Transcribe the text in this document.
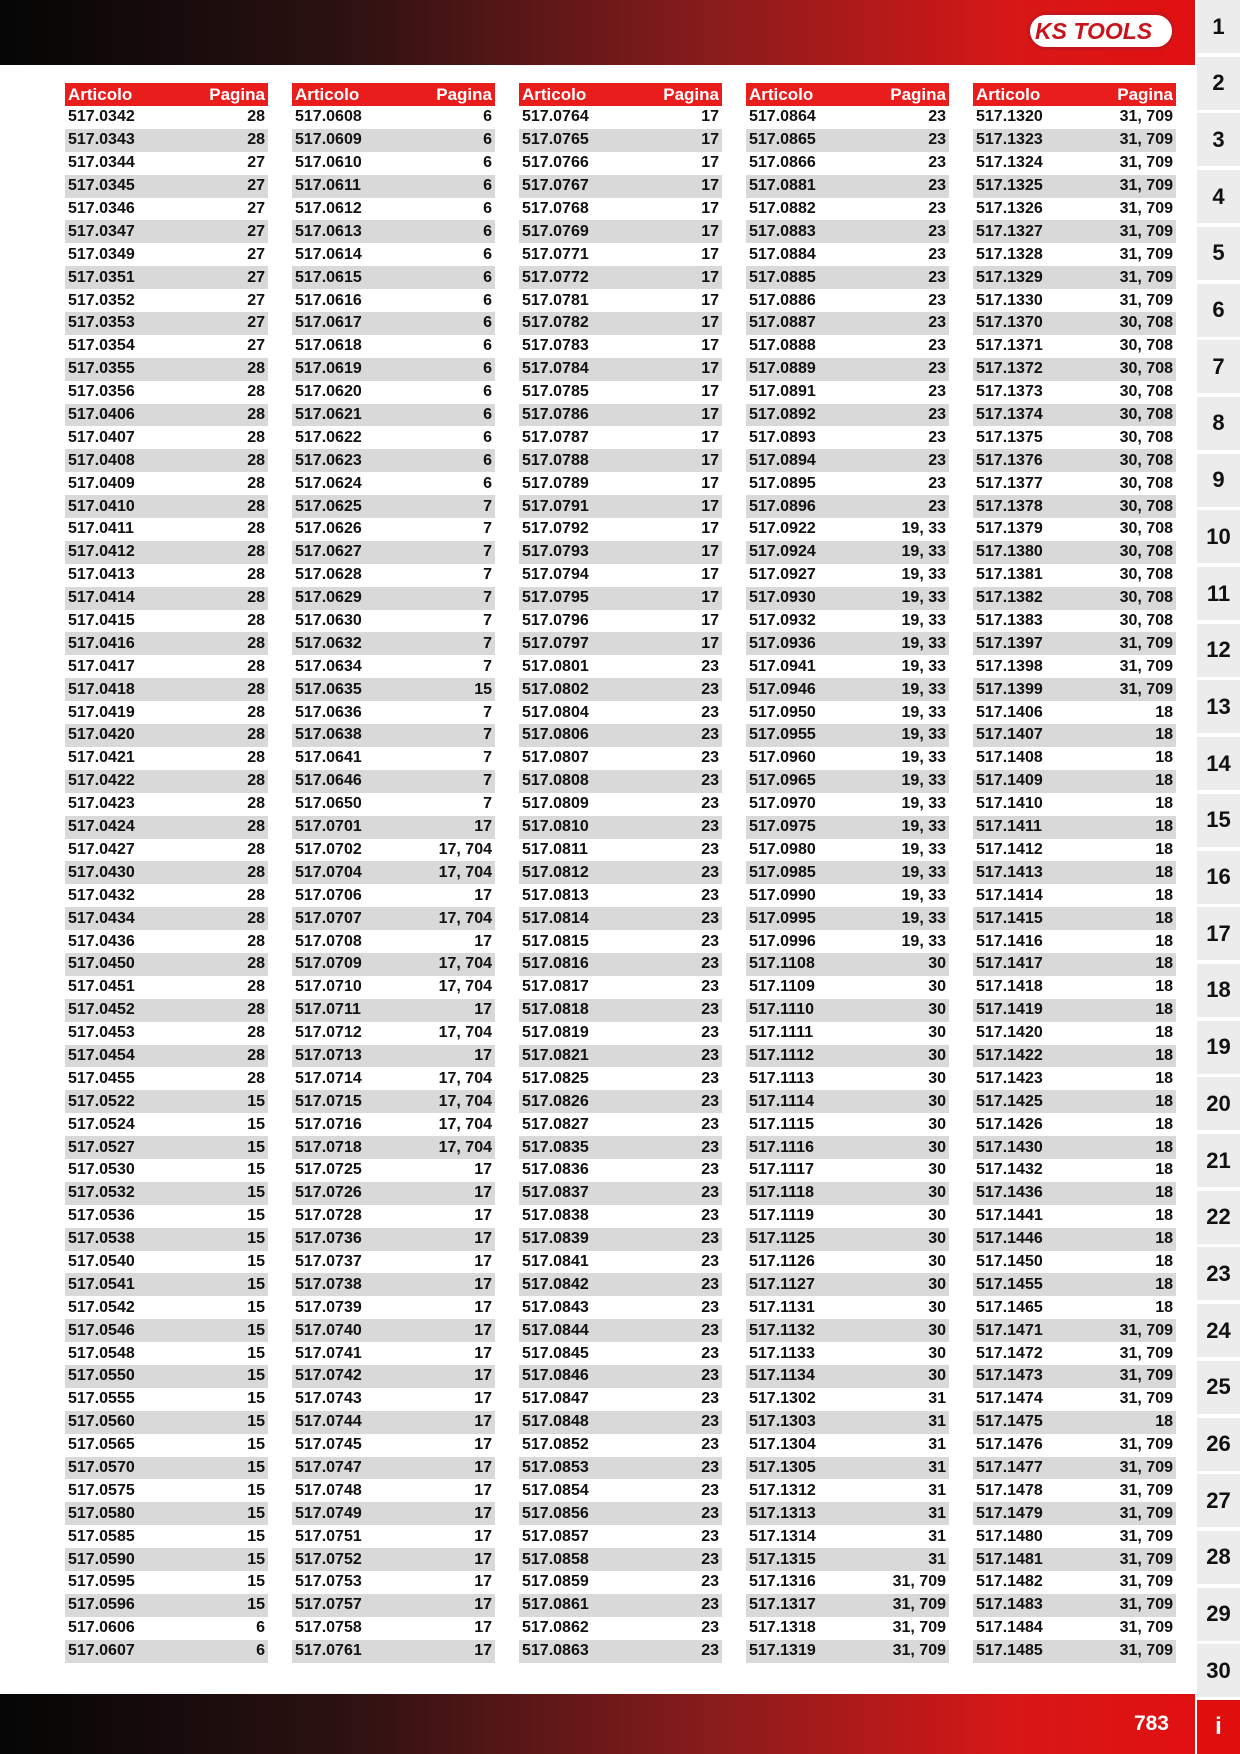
KS TOOLS	1
2
3
4
5
6
7
8
9
10
11
12
13
14
15
16
17
18
19
20
21
22
23
24
25
26
27
28
29
30
i
Articolo	Pagina
517.0342	28
517.0343	28
517.0344	27
517.0345	27
517.0346	27
517.0347	27
517.0349	27
517.0351	27
517.0352	27
517.0353	27
517.0354	27
517.0355	28
517.0356	28
517.0406	28
517.0407	28
517.0408	28
517.0409	28
517.0410	28
517.0411	28
517.0412	28
517.0413	28
517.0414	28
517.0415	28
517.0416	28
517.0417	28
517.0418	28
517.0419	28
517.0420	28
517.0421	28
517.0422	28
517.0423	28
517.0424	28
517.0427	28
517.0430	28
517.0432	28
517.0434	28
517.0436	28
517.0450	28
517.0451	28
517.0452	28
517.0453	28
517.0454	28
517.0455	28
517.0522	15
517.0524	15
517.0527	15
517.0530	15
517.0532	15
517.0536	15
517.0538	15
517.0540	15
517.0541	15
517.0542	15
517.0546	15
517.0548	15
517.0550	15
517.0555	15
517.0560	15
517.0565	15
517.0570	15
517.0575	15
517.0580	15
517.0585	15
517.0590	15
517.0595	15
517.0596	15
517.0606	6
517.0607	6
Articolo	Pagina
517.0608	6
517.0609	6
517.0610	6
517.0611	6
517.0612	6
517.0613	6
517.0614	6
517.0615	6
517.0616	6
517.0617	6
517.0618	6
517.0619	6
517.0620	6
517.0621	6
517.0622	6
517.0623	6
517.0624	6
517.0625	7
517.0626	7
517.0627	7
517.0628	7
517.0629	7
517.0630	7
517.0632	7
517.0634	7
517.0635	15
517.0636	7
517.0638	7
517.0641	7
517.0646	7
517.0650	7
517.0701	17
517.0702	17, 704
517.0704	17, 704
517.0706	17
517.0707	17, 704
517.0708	17
517.0709	17, 704
517.0710	17, 704
517.0711	17
517.0712	17, 704
517.0713	17
517.0714	17, 704
517.0715	17, 704
517.0716	17, 704
517.0718	17, 704
517.0725	17
517.0726	17
517.0728	17
517.0736	17
517.0737	17
517.0738	17
517.0739	17
517.0740	17
517.0741	17
517.0742	17
517.0743	17
517.0744	17
517.0745	17
517.0747	17
517.0748	17
517.0749	17
517.0751	17
517.0752	17
517.0753	17
517.0757	17
517.0758	17
517.0761	17
Articolo	Pagina
517.0764	17
517.0765	17
517.0766	17
517.0767	17
517.0768	17
517.0769	17
517.0771	17
517.0772	17
517.0781	17
517.0782	17
517.0783	17
517.0784	17
517.0785	17
517.0786	17
517.0787	17
517.0788	17
517.0789	17
517.0791	17
517.0792	17
517.0793	17
517.0794	17
517.0795	17
517.0796	17
517.0797	17
517.0801	23
517.0802	23
517.0804	23
517.0806	23
517.0807	23
517.0808	23
517.0809	23
517.0810	23
517.0811	23
517.0812	23
517.0813	23
517.0814	23
517.0815	23
517.0816	23
517.0817	23
517.0818	23
517.0819	23
517.0821	23
517.0825	23
517.0826	23
517.0827	23
517.0835	23
517.0836	23
517.0837	23
517.0838	23
517.0839	23
517.0841	23
517.0842	23
517.0843	23
517.0844	23
517.0845	23
517.0846	23
517.0847	23
517.0848	23
517.0852	23
517.0853	23
517.0854	23
517.0856	23
517.0857	23
517.0858	23
517.0859	23
517.0861	23
517.0862	23
517.0863	23
Articolo	Pagina
517.0864	23
517.0865	23
517.0866	23
517.0881	23
517.0882	23
517.0883	23
517.0884	23
517.0885	23
517.0886	23
517.0887	23
517.0888	23
517.0889	23
517.0891	23
517.0892	23
517.0893	23
517.0894	23
517.0895	23
517.0896	23
517.0922	19, 33
517.0924	19, 33
517.0927	19, 33
517.0930	19, 33
517.0932	19, 33
517.0936	19, 33
517.0941	19, 33
517.0946	19, 33
517.0950	19, 33
517.0955	19, 33
517.0960	19, 33
517.0965	19, 33
517.0970	19, 33
517.0975	19, 33
517.0980	19, 33
517.0985	19, 33
517.0990	19, 33
517.0995	19, 33
517.0996	19, 33
517.1108	30
517.1109	30
517.1110	30
517.1111	30
517.1112	30
517.1113	30
517.1114	30
517.1115	30
517.1116	30
517.1117	30
517.1118	30
517.1119	30
517.1125	30
517.1126	30
517.1127	30
517.1131	30
517.1132	30
517.1133	30
517.1134	30
517.1302	31
517.1303	31
517.1304	31
517.1305	31
517.1312	31
517.1313	31
517.1314	31
517.1315	31
517.1316	31, 709
517.1317	31, 709
517.1318	31, 709
517.1319	31, 709
Articolo	Pagina
517.1320	31, 709
517.1323	31, 709
517.1324	31, 709
517.1325	31, 709
517.1326	31, 709
517.1327	31, 709
517.1328	31, 709
517.1329	31, 709
517.1330	31, 709
517.1370	30, 708
517.1371	30, 708
517.1372	30, 708
517.1373	30, 708
517.1374	30, 708
517.1375	30, 708
517.1376	30, 708
517.1377	30, 708
517.1378	30, 708
517.1379	30, 708
517.1380	30, 708
517.1381	30, 708
517.1382	30, 708
517.1383	30, 708
517.1397	31, 709
517.1398	31, 709
517.1399	31, 709
517.1406	18
517.1407	18
517.1408	18
517.1409	18
517.1410	18
517.1411	18
517.1412	18
517.1413	18
517.1414	18
517.1415	18
517.1416	18
517.1417	18
517.1418	18
517.1419	18
517.1420	18
517.1422	18
517.1423	18
517.1425	18
517.1426	18
517.1430	18
517.1432	18
517.1436	18
517.1441	18
517.1446	18
517.1450	18
517.1455	18
517.1465	18
517.1471	31, 709
517.1472	31, 709
517.1473	31, 709
517.1474	31, 709
517.1475	18
517.1476	31, 709
517.1477	31, 709
517.1478	31, 709
517.1479	31, 709
517.1480	31, 709
517.1481	31, 709
517.1482	31, 709
517.1483	31, 709
517.1484	31, 709
517.1485	31, 709
783
